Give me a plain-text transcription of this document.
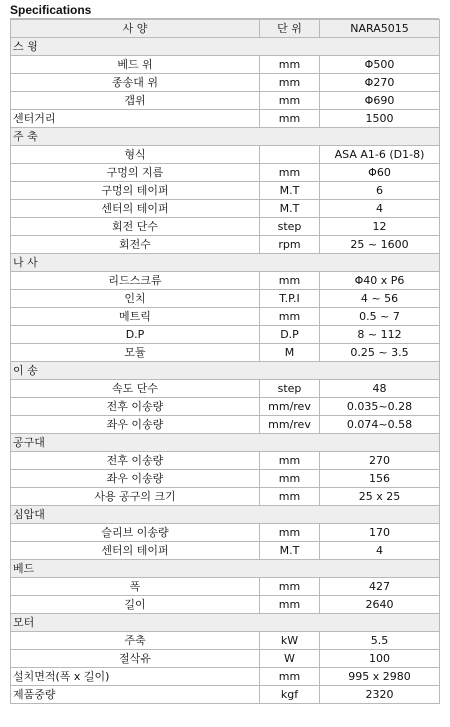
Specifications
사 양	단 위	NARA5015
스 윙		
베드 위	mm	Φ500
종송대 위	mm	Φ270
갭위	mm	Φ690
센터거리	mm	1500
주 축		
형식		ASA A1-6 (D1-8)
구멍의 지름	mm	Φ60
구멍의 테이퍼	M.T	6
센터의 테이퍼	M.T	4
회전 단수	step	12
회전수	rpm	25 ~ 1600
나 사		
리드스크류	mm	Φ40 x P6
인치	T.P.I	4 ~ 56
메트릭	mm	0.5 ~ 7
D.P	D.P	8 ~ 112
모듈	M	0.25 ~ 3.5
이 송		
속도 단수	step	48
전후 이송량	mm/rev	0.035~0.28
좌우 이송량	mm/rev	0.074~0.58
공구대		
전후 이송량	mm	270
좌우 이송량	mm	156
사용 공구의 크기	mm	25 x 25
심압대		
슬리브 이송량	mm	170
센터의 테이퍼	M.T	4
베드		
폭	mm	427
길이	mm	2640
모터		
주축	kW	5.5
절삭유	W	100
설치면적(폭 x 길이)	mm	995 x 2980
제품중량	kgf	2320
